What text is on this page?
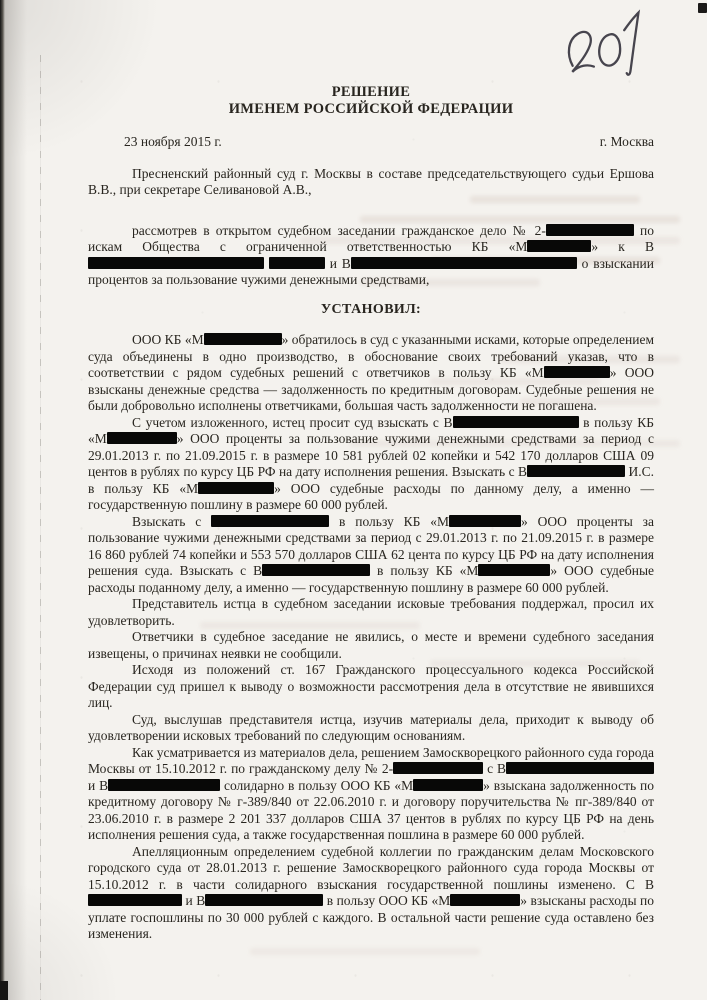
РЕШЕНИЕ
ИМЕНЕМ РОССИЙСКОЙ ФЕДЕРАЦИИ
23 ноября 2015 г.	г. Москва

Пресненский районный суд г. Москвы в составе председательствующего судьи Ершова В.В., при секретаре Селивановой А.В.,

рассмотрев в открытом судебном заседании гражданское дело № 2-	по искам Общества с ограниченной ответственностью КБ «М	» к В  и В	о взыскании процентов за пользование чужими денежными средствами,

УСТАНОВИЛ:

ООО КБ «М	» обратилось в суд с указанными исками, которые определением суда объединены в одно производство, в обоснование своих требований указав, что в соответствии с рядом судебных решений с ответчиков в пользу КБ «М	» ООО взысканы денежные средства — задолженность по кредитным договорам. Судебные решения не были добровольно исполнены ответчиками, большая часть задолженности не погашена.

С учетом изложенного, истец просит суд взыскать с В	в пользу КБ «М	» ООО проценты за пользование чужими денежными средствами за период с 29.01.2013 г. по 21.09.2015 г. в размере 10 581 рублей 02 копейки и 542 170 долларов США 09 центов в рублях по курсу ЦБ РФ на дату исполнения решения. Взыскать с В	И.С. в пользу КБ «М	» ООО судебные расходы по данному делу, а именно — государственную пошлину в размере 60 000 рублей.

Взыскать с	в пользу КБ «М	» ООО проценты за пользование чужими денежными средствами за период с 29.01.2013 г. по 21.09.2015 г. в размере 16 860 рублей 74 копейки и 553 570 долларов США 62 цента по курсу ЦБ РФ на дату исполнения решения суда. Взыскать с В	в пользу КБ «М	» ООО судебные расходы поданному делу, а именно — государственную пошлину в размере 60 000 рублей.

Представитель истца в судебном заседании исковые требования поддержал, просил их удовлетворить.

Ответчики в судебное заседание не явились, о месте и времени судебного заседания извещены, о причинах неявки не сообщили.

Исходя из положений ст. 167 Гражданского процессуального кодекса Российской Федерации суд пришел к выводу о возможности рассмотрения дела в отсутствие не явившихся лиц.

Суд, выслушав представителя истца, изучив материалы дела, приходит к выводу об удовлетворении исковых требований по следующим основаниям.

Как усматривается из материалов дела, решением Замоскворецкого районного суда города Москвы от 15.10.2012 г. по гражданскому делу № 2-	с В и В	солидарно в пользу ООО КБ «М	» взыскана задолженность по кредитному договору № г-389/840 от 22.06.2010 г. и договору поручительства № пг-389/840 от 23.06.2010 г. в размере 2 201 337 долларов США 37 центов в рублях по курсу ЦБ РФ на день исполнения решения суда, а также государственная пошлина в размере 60 000 рублей.

Апелляционным определением судебной коллегии по гражданским делам Московского городского суда от 28.01.2013 г. решение Замоскворецкого районного суда города Москвы от 15.10.2012 г. в части солидарного взыскания государственной пошлины изменено. С В и В	в пользу ООО КБ «М	» взысканы расходы по уплате госпошлины по 30 000 рублей с каждого. В остальной части решение суда оставлено без изменения.
